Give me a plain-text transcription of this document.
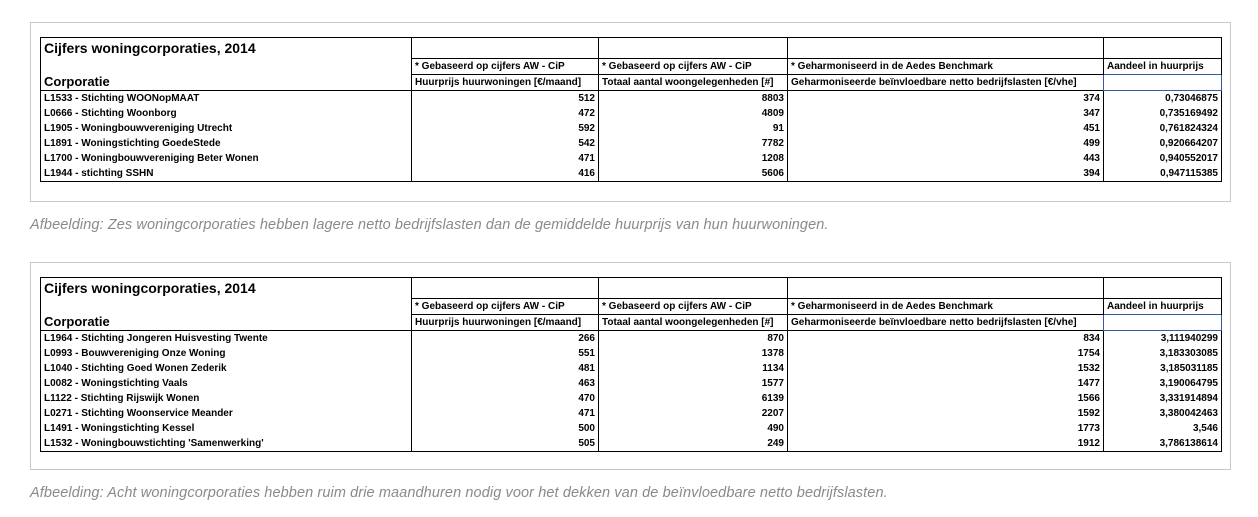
Cijfers woningcorporaties, 2014				
	* Gebaseerd op cijfers AW - CiP	* Gebaseerd op cijfers AW - CiP	* Geharmoniseerd in de Aedes Benchmark	Aandeel in huurprijs
Corporatie	Huurprijs huurwoningen [€/maand]	Totaal aantal woongelegenheden [#]	Geharmoniseerde beïnvloedbare netto bedrijfslasten [€/vhe]	
L1533 - Stichting WOONopMAAT	512	8803	374	0,73046875
L0666 - Stichting Woonborg	472	4809	347	0,735169492
L1905 - Woningbouwvereniging Utrecht	592	91	451	0,761824324
L1891 - Woningstichting GoedeStede	542	7782	499	0,920664207
L1700 - Woningbouwvereniging Beter Wonen	471	1208	443	0,940552017
L1944 - stichting SSHN	416	5606	394	0,947115385
Afbeelding: Zes woningcorporaties hebben lagere netto bedrijfslasten dan de gemiddelde huurprijs van hun huurwoningen.
Cijfers woningcorporaties, 2014				
	* Gebaseerd op cijfers AW - CiP	* Gebaseerd op cijfers AW - CiP	* Geharmoniseerd in de Aedes Benchmark	Aandeel in huurprijs
Corporatie	Huurprijs huurwoningen [€/maand]	Totaal aantal woongelegenheden [#]	Geharmoniseerde beïnvloedbare netto bedrijfslasten [€/vhe]	
L1964 - Stichting Jongeren Huisvesting Twente	266	870	834	3,111940299
L0993 - Bouwvereniging Onze Woning	551	1378	1754	3,183303085
L1040 - Stichting Goed Wonen Zederik	481	1134	1532	3,185031185
L0082 - Woningstichting Vaals	463	1577	1477	3,190064795
L1122 - Stichting Rijswijk Wonen	470	6139	1566	3,331914894
L0271 - Stichting Woonservice Meander	471	2207	1592	3,380042463
L1491 - Woningstichting Kessel	500	490	1773	3,546
L1532 - Woningbouwstichting 'Samenwerking'	505	249	1912	3,786138614
Afbeelding: Acht woningcorporaties hebben ruim drie maandhuren nodig voor het dekken van de beïnvloedbare netto bedrijfslasten.
